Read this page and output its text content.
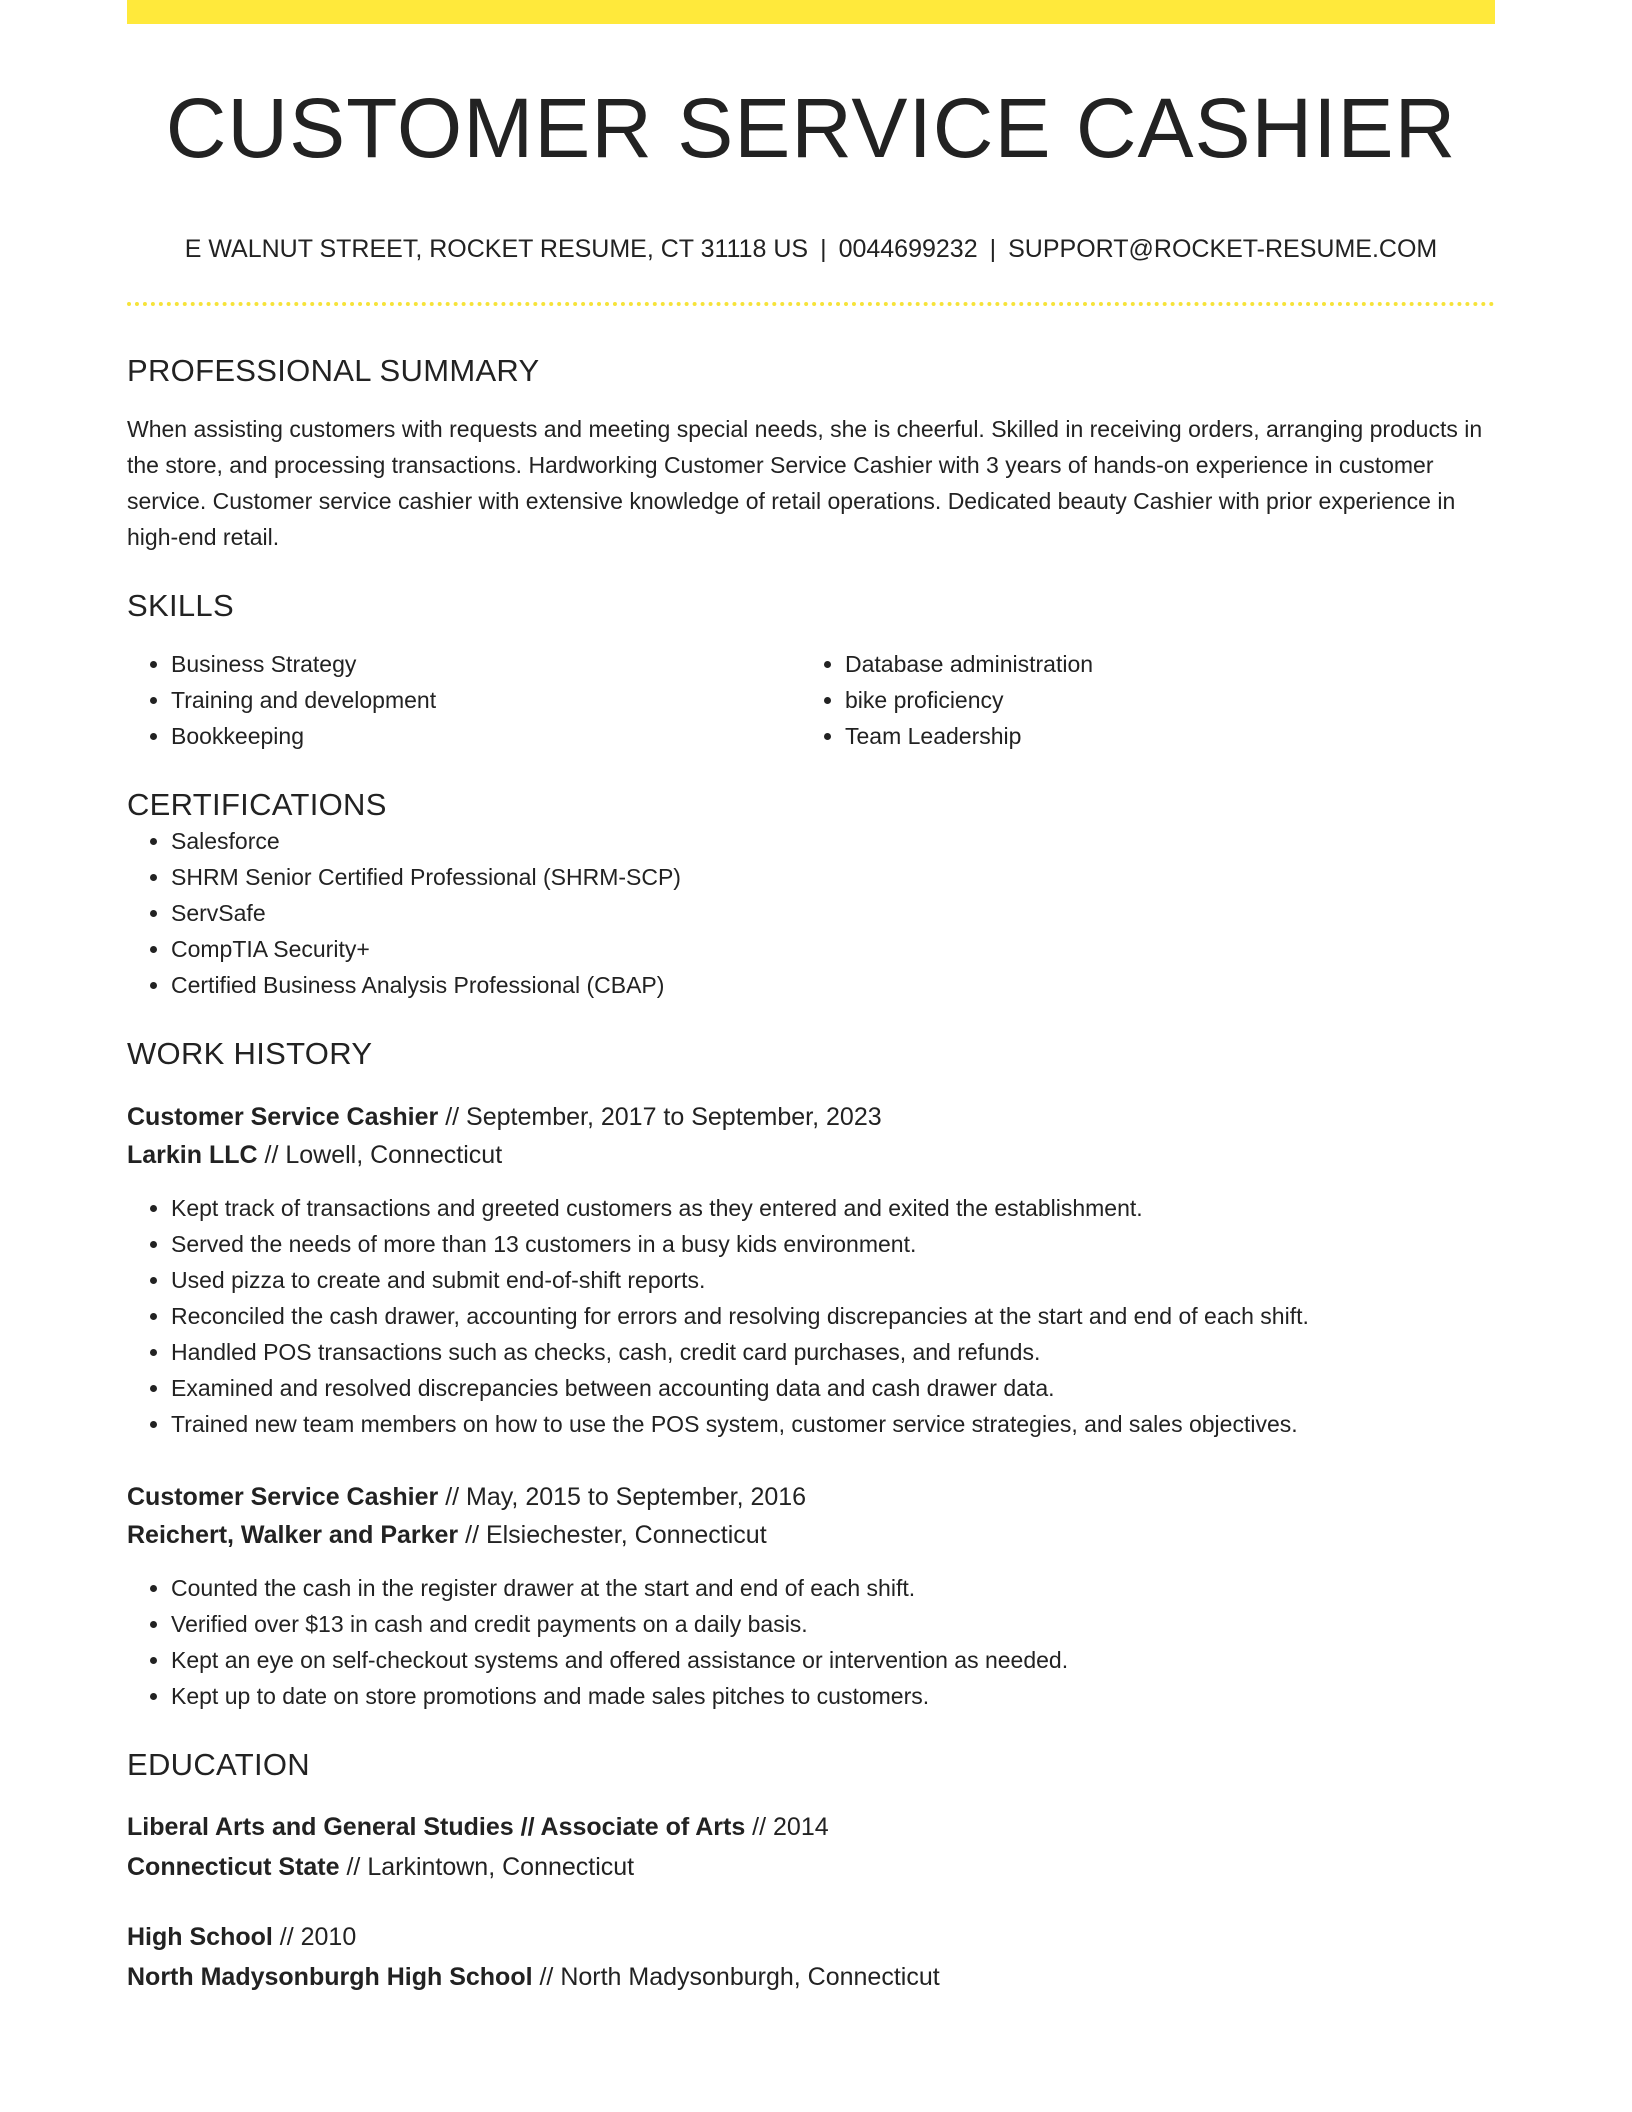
CUSTOMER SERVICE CASHIER
E WALNUT STREET, ROCKET RESUME, CT 31118 US | 0044699232 | SUPPORT@ROCKET-RESUME.COM
PROFESSIONAL SUMMARY

When assisting customers with requests and meeting special needs, she is cheerful. Skilled in receiving orders, arranging products in the store, and processing transactions. Hardworking Customer Service Cashier with 3 years of hands-on experience in customer service. Customer service cashier with extensive knowledge of retail operations. Dedicated beauty Cashier with prior experience in high-end retail.

SKILLS
• Business Strategy
• Training and development
• Bookkeeping
• Database administration
• bike proficiency
• Team Leadership
CERTIFICATIONS
• Salesforce
• SHRM Senior Certified Professional (SHRM-SCP)
• ServSafe
• CompTIA Security+
• Certified Business Analysis Professional (CBAP)
WORK HISTORY
Customer Service Cashier // September, 2017 to September, 2023
Larkin LLC // Lowell, Connecticut
• Kept track of transactions and greeted customers as they entered and exited the establishment.
• Served the needs of more than 13 customers in a busy kids environment.
• Used pizza to create and submit end-of-shift reports.
• Reconciled the cash drawer, accounting for errors and resolving discrepancies at the start and end of each shift.
• Handled POS transactions such as checks, cash, credit card purchases, and refunds.
• Examined and resolved discrepancies between accounting data and cash drawer data.
• Trained new team members on how to use the POS system, customer service strategies, and sales objectives.
Customer Service Cashier // May, 2015 to September, 2016
Reichert, Walker and Parker // Elsiechester, Connecticut
• Counted the cash in the register drawer at the start and end of each shift.
• Verified over $13 in cash and credit payments on a daily basis.
• Kept an eye on self-checkout systems and offered assistance or intervention as needed.
• Kept up to date on store promotions and made sales pitches to customers.
EDUCATION
Liberal Arts and General Studies // Associate of Arts // 2014
Connecticut State // Larkintown, Connecticut
High School // 2010
North Madysonburgh High School // North Madysonburgh, Connecticut
